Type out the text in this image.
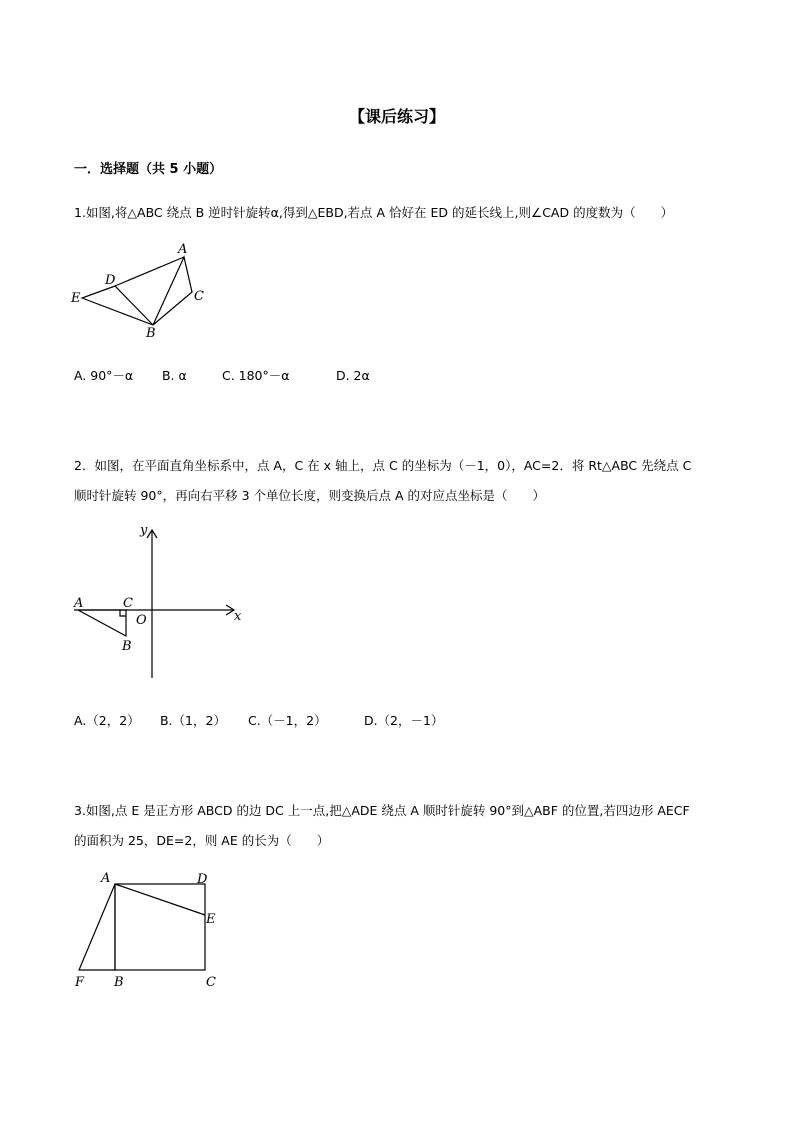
【课后练习】
一．选择题（共 5 小题）
1.如图,将△ABC 绕点 B 逆时针旋转α,得到△EBD,若点 A 恰好在 ED 的延长线上,则∠CAD 的度数为（　　）
A
D
C
E
B
A. 90°－α B. α	C. 180°－α	D. 2α
2．如图，在平面直角坐标系中，点 A，C 在 x 轴上，点 C 的坐标为（－1，0），AC=2．将 Rt△ABC 先绕点 C
顺时针旋转 90°，再向右平移 3 个单位长度，则变换后点 A 的对应点坐标是（　　）
y
x
A	C
O
B
A.（2，2） B.（1，2） C.（－1，2）	D.（2，－1）
3.如图,点 E 是正方形 ABCD 的边 DC 上一点,把△ADE 绕点 A 顺时针旋转 90°到△ABF 的位置,若四边形 AECF
的面积为 25，DE=2，则 AE 的长为（　　）
A	D
E
F B	C
